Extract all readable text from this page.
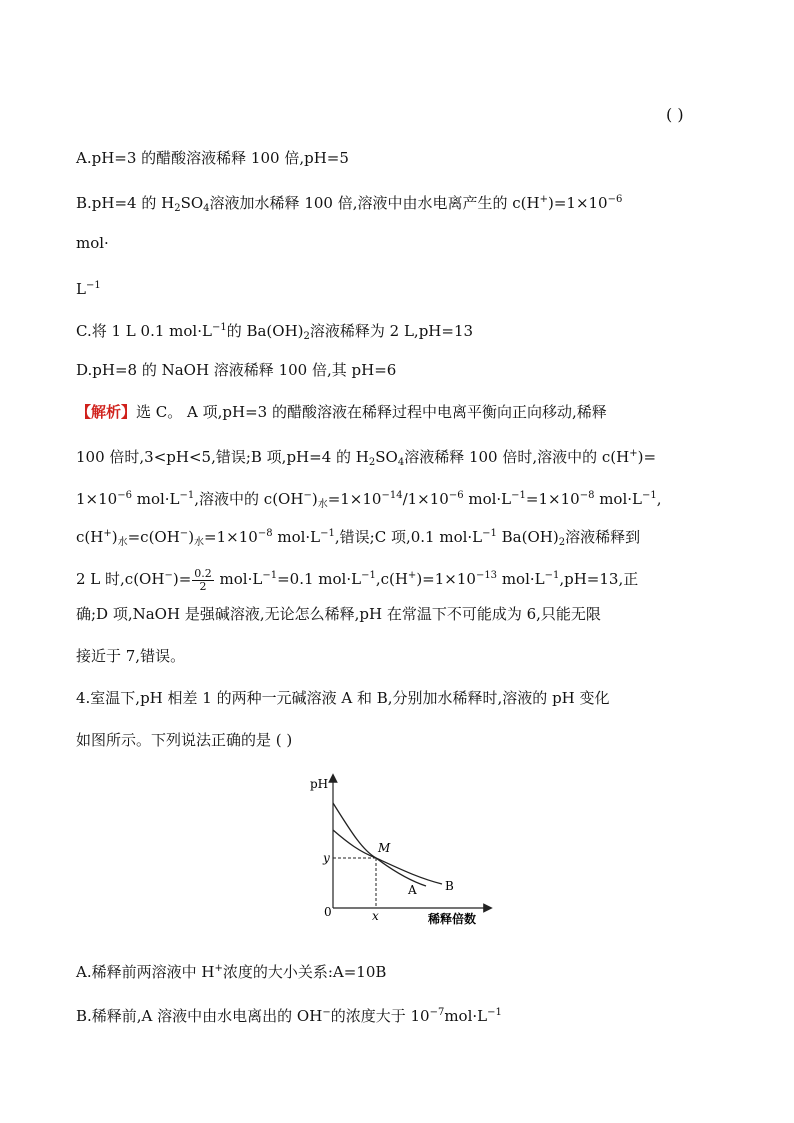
( )
A.pH=3 的醋酸溶液稀释 100 倍,pH=5
B.pH=4 的 $H_2SO_4$溶液加水稀释 100 倍,溶液中由水电离产生的 $c(H^+)=1\times 10^{-6}$
mol·
$L^{-1}$
C.将 1 L 0.1 $mol\cdot L^{-1}$的 $Ba(OH)_2$溶液稀释为 2 L,pH=13
D.pH=8 的 NaOH 溶液稀释 100 倍,其 pH=6
【解析】选 C。 A 项,pH=3 的醋酸溶液在稀释过程中电离平衡向正向移动,稀释
100 倍时,3<pH<5,错误;B 项,pH=4 的 $H_2SO_4$溶液稀释 100 倍时,溶液中的 c(H+)=
$1\times 10^{-6}$ $mol\cdot L^{-1}$,溶液中的 $c(OH^-)_水=1\times 10^{-14}/1\times 10^{-6}$ $mol\cdot L^{-1}=1\times 10^{-8}$ $mol\cdot L^{-1}$,
$c(H^+)_水=c(OH^-)_水=1\times 10^{-8}$ $mol\cdot L^{-1}$,错误;C 项,0.1 $mol\cdot L^{-1}$ $Ba(OH)_2$溶液稀释到
2 L 时$,c(OH^-)= \frac{0.2}{2} mol\cdot L^{-1}=0.1$ $mol\cdot L^{-1},c(H^+)=1\times 10^{-13}$ $mol\cdot L^{-1},pH=13$,正
确;D 项,NaOH 是强碱溶液,无论怎么稀释,pH 在常温下不可能成为 6,只能无限
接近于 7,错误。
4.室温下,pH 相差 1 的两种一元碱溶液 A 和 B,分别加水稀释时,溶液的 pH 变化
如图所示。下列说法正确的是 ( )
pH
稀释倍数
0
M
y
x
A B
A.稀释前两溶液中 H+浓度的大小关系:A=10B
B.稀释前,A 溶液中由水电离出的 OH−的浓度大于 $10^{-7}mol\cdot L^{-1}$
